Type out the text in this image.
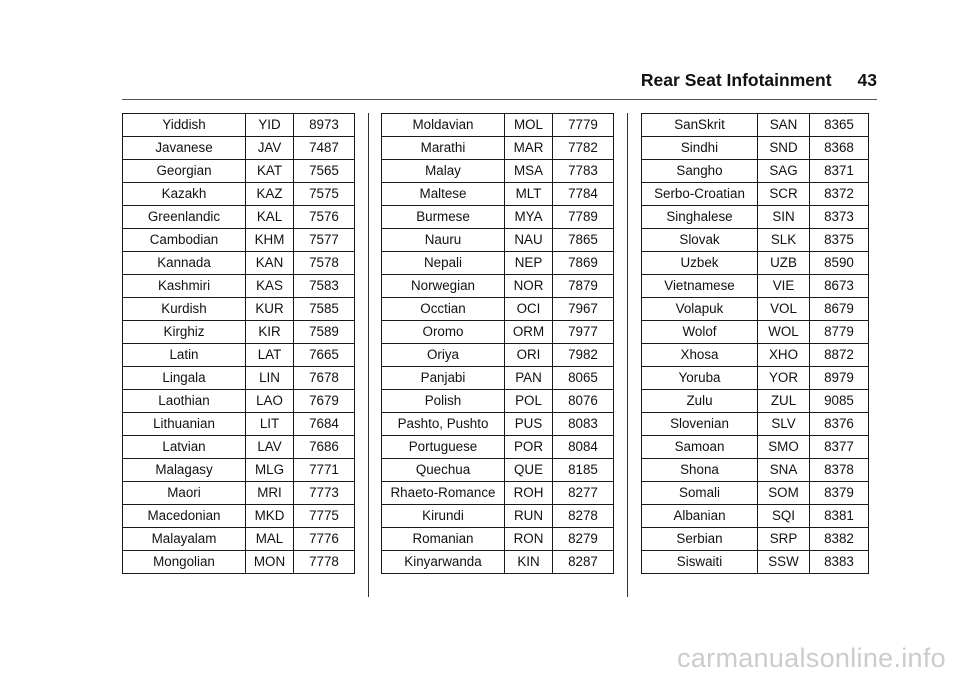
Rear Seat Infotainment 43
Yiddish	YID	8973
Javanese	JAV	7487
Georgian	KAT	7565
Kazakh	KAZ	7575
Greenlandic	KAL	7576
Cambodian	KHM	7577
Kannada	KAN	7578
Kashmiri	KAS	7583
Kurdish	KUR	7585
Kirghiz	KIR	7589
Latin	LAT	7665
Lingala	LIN	7678
Laothian	LAO	7679
Lithuanian	LIT	7684
Latvian	LAV	7686
Malagasy	MLG	7771
Maori	MRI	7773
Macedonian	MKD	7775
Malayalam	MAL	7776
Mongolian	MON	7778
Moldavian	MOL	7779
Marathi	MAR	7782
Malay	MSA	7783
Maltese	MLT	7784
Burmese	MYA	7789
Nauru	NAU	7865
Nepali	NEP	7869
Norwegian	NOR	7879
Occtian	OCI	7967
Oromo	ORM	7977
Oriya	ORI	7982
Panjabi	PAN	8065
Polish	POL	8076
Pashto, Pushto	PUS	8083
Portuguese	POR	8084
Quechua	QUE	8185
Rhaeto-Romance	ROH	8277
Kirundi	RUN	8278
Romanian	RON	8279
Kinyarwanda	KIN	8287
SanSkrit	SAN	8365
Sindhi	SND	8368
Sangho	SAG	8371
Serbo-Croatian	SCR	8372
Singhalese	SIN	8373
Slovak	SLK	8375
Uzbek	UZB	8590
Vietnamese	VIE	8673
Volapuk	VOL	8679
Wolof	WOL	8779
Xhosa	XHO	8872
Yoruba	YOR	8979
Zulu	ZUL	9085
Slovenian	SLV	8376
Samoan	SMO	8377
Shona	SNA	8378
Somali	SOM	8379
Albanian	SQI	8381
Serbian	SRP	8382
Siswaiti	SSW	8383
carmanualsonline.info
